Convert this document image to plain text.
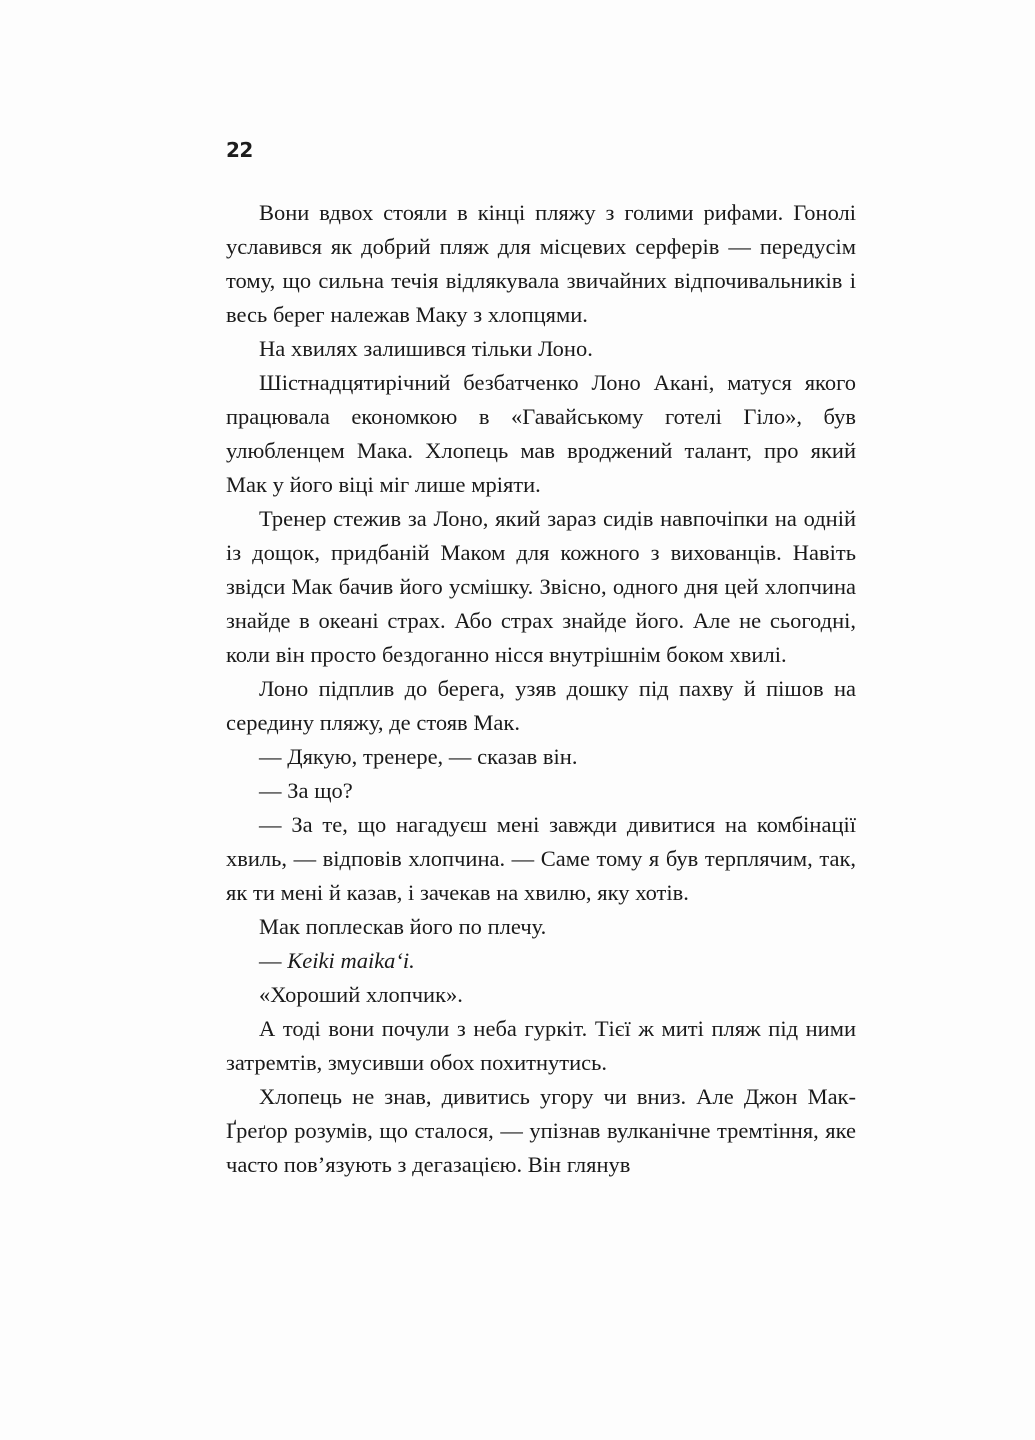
22

Вони вдвох стояли в кінці пляжу з голими рифами. Гонолі уславився як добрий пляж для місцевих серферів — передусім тому, що сильна течія відлякувала звичайних відпочивальників і весь берег належав Маку з хлопцями.

На хвилях залишився тільки Лоно.

Шістнадцятирічний безбатченко Лоно Акані, матуся якого працювала економкою в «Гавайському готелі Гіло», був улюбленцем Мака. Хлопець мав вроджений талант, про який Мак у його віці міг лише мріяти.

Тренер стежив за Лоно, який зараз сидів навпочіпки на одній із дощок, придбаній Маком для кожного з вихованців. Навіть звідси Мак бачив його усмішку. Звісно, одного дня цей хлопчина знайде в океані страх. Або страх знайде його. Але не сьогодні, коли він просто бездоганно нісся внутрішнім боком хвилі.

Лоно підплив до берега, узяв дошку під пахву й пішов на середину пляжу, де стояв Мак.

— Дякую, тренере, — сказав він.

— За що?

— За те, що нагадуєш мені завжди дивитися на комбінації хвиль, — відповів хлопчина. — Саме тому я був терплячим, так, як ти мені й казав, і зачекав на хвилю, яку хотів.

Мак поплескав його по плечу.

— Keiki maikaʻi.

«Хороший хлопчик».

А тоді вони почули з неба гуркіт. Тієї ж миті пляж під ними затремтів, змусивши обох похитнутись.

Хлопець не знав, дивитись угору чи вниз. Але Джон Мак-Ґреґор розумів, що сталося, — упізнав вулканічне тремтіння, яке часто пов’язують з дегазацією. Він глянув
